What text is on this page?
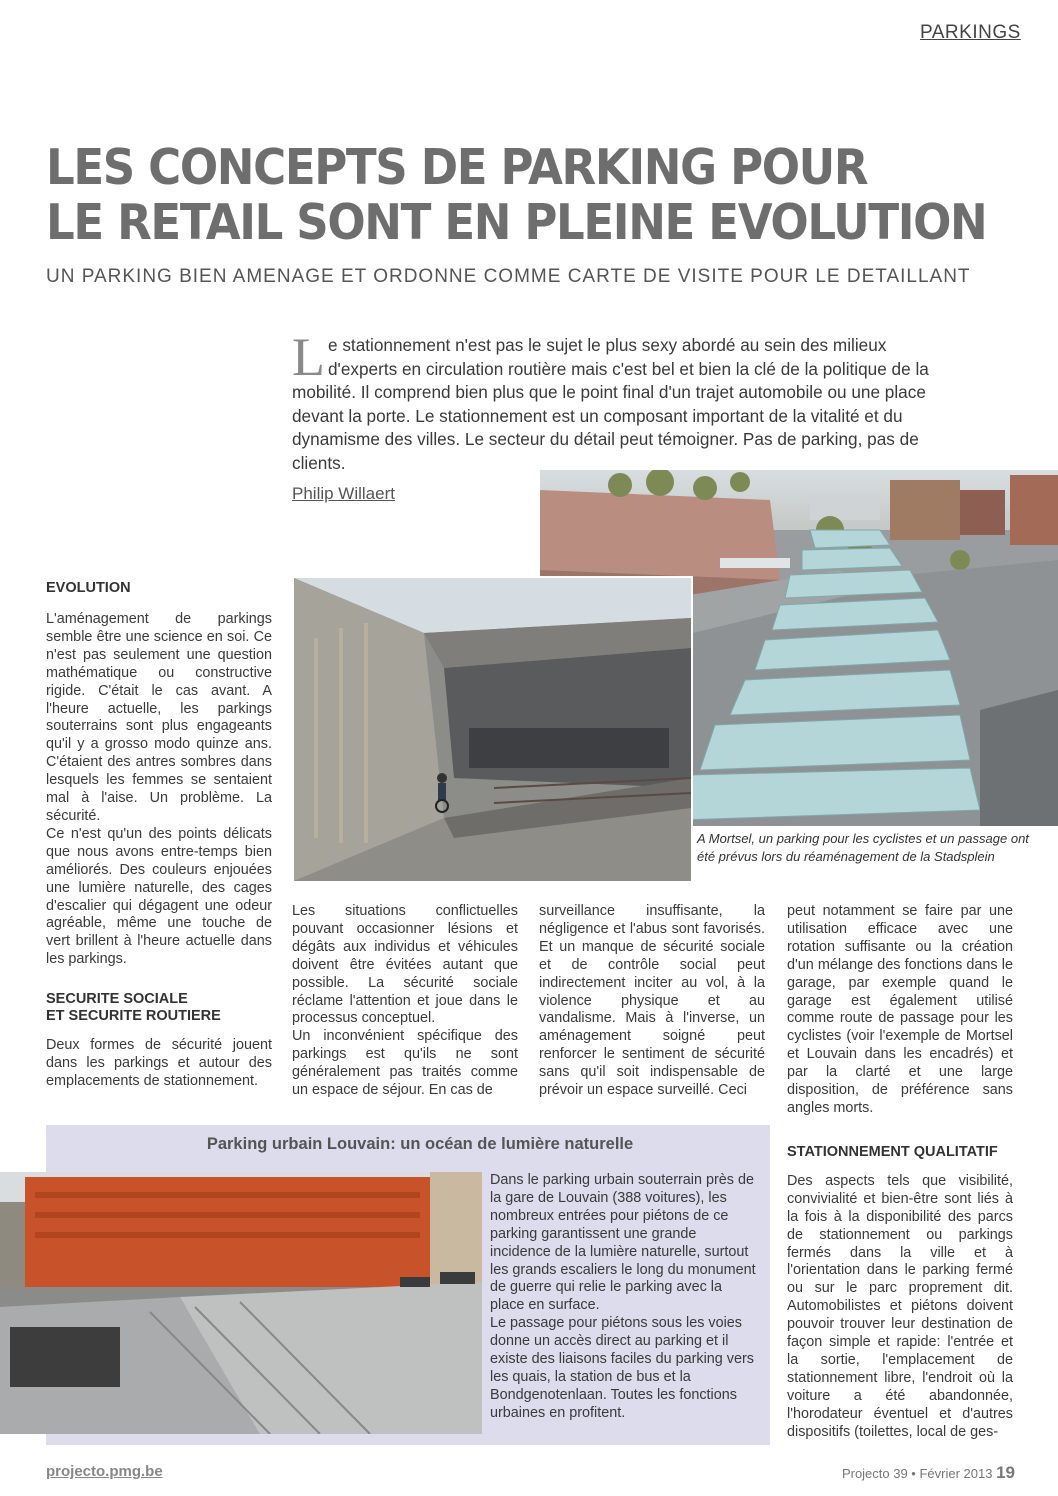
PARKINGS
LES CONCEPTS DE PARKING POUR
LE RETAIL SONT EN PLEINE EVOLUTION
UN PARKING BIEN AMENAGE ET ORDONNE COMME CARTE DE VISITE POUR LE DETAILLANT
Le stationnement n'est pas le sujet le plus sexy abordé au sein des milieux d'experts en circulation routière mais c'est bel et bien la clé de la politique de la mobilité. Il comprend bien plus que le point final d'un trajet automobile ou une place devant la porte. Le stationnement est un composant important de la vitalité et du dynamisme des villes. Le secteur du détail peut témoigner. Pas de parking, pas de clients.
Philip Willaert
A Mortsel, un parking pour les cyclistes et un passage ont été prévus lors du réaménagement de la Stadsplein
EVOLUTION

L'aménagement de parkings semble être une science en soi. Ce n'est pas seulement une question mathématique ou constructive rigide. C'était le cas avant. A l'heure actuelle, les parkings souterrains sont plus engageants qu'il y a grosso modo quinze ans. C'étaient des antres sombres dans lesquels les femmes se sentaient mal à l'aise. Un problème. La sécurité.

Ce n'est qu'un des points délicats que nous avons entre-temps bien améliorés. Des couleurs enjouées une lumière naturelle, des cages d'escalier qui dégagent une odeur agréable, même une touche de vert brillent à l'heure actuelle dans les parkings.

SECURITE SOCIALE
ET SECURITE ROUTIERE

Deux formes de sécurité jouent dans les parkings et autour des emplacements de stationnement.

Les situations conflictuelles pouvant occasionner lésions et dégâts aux individus et véhicules doivent être évitées autant que possible. La sécurité sociale réclame l'attention et joue dans le processus conceptuel.

Un inconvénient spécifique des parkings est qu'ils ne sont généralement pas traités comme un espace de séjour. En cas de

surveillance insuffisante, la négligence et l'abus sont favorisés. Et un manque de sécurité sociale et de contrôle social peut indirectement inciter au vol, à la violence physique et au vandalisme. Mais à l'inverse, un aménagement soigné peut renforcer le sentiment de sécurité sans qu'il soit indispensable de prévoir un espace surveillé. Ceci

peut notamment se faire par une utilisation efficace avec une rotation suffisante ou la création d'un mélange des fonctions dans le garage, par exemple quand le garage est également utilisé comme route de passage pour les cyclistes (voir l'exemple de Mortsel et Louvain dans les encadrés) et par la clarté et une large disposition, de préférence sans angles morts.

STATIONNEMENT QUALITATIF

Des aspects tels que visibilité, convivialité et bien-être sont liés à la fois à la disponibilité des parcs de stationnement ou parkings fermés dans la ville et à l'orientation dans le parking fermé ou sur le parc proprement dit. Automobilistes et piétons doivent pouvoir trouver leur destination de façon simple et rapide: l'entrée et la sortie, l'emplacement de stationnement libre, l'endroit où la voiture a été abandonnée, l'horodateur éventuel et d'autres dispositifs (toilettes, local de ges-

Parking urbain Louvain: un océan de lumière naturelle

Dans le parking urbain souterrain près de la gare de Louvain (388 voitures), les nombreux entrées pour piétons de ce parking garantissent une grande incidence de la lumière naturelle, surtout les grands escaliers le long du monument de guerre qui relie le parking avec la place en surface.

Le passage pour piétons sous les voies donne un accès direct au parking et il existe des liaisons faciles du parking vers les quais, la station de bus et la Bondgenotenlaan. Toutes les fonctions urbaines en profitent.

projecto.pmg.be	Projecto 39 • Février 2013 19
